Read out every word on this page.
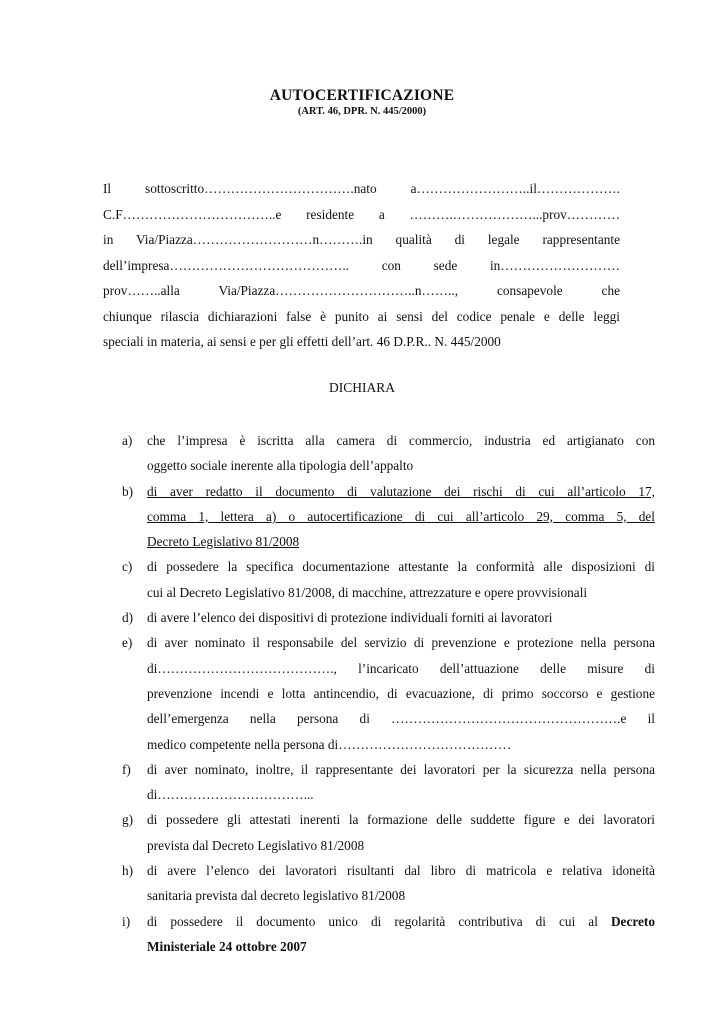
AUTOCERTIFICAZIONE
(ART. 46, DPR. N. 445/2000)
Il sottoscritto…………………………….nato a……………………..il……………….
C.F……………………………..e residente a ……….………………...prov…………
in Via/Piazza………………………n……….in qualità di legale rappresentante
dell’impresa………………………………….. con sede in………………………
prov……..alla Via/Piazza…………………………..n…….., consapevole che
chiunque rilascia dichiarazioni false è punito ai sensi del codice penale e delle leggi
speciali in materia, ai sensi e per gli effetti dell’art. 46 D.P.R.. N. 445/2000
DICHIARA
a)	che l’impresa è iscritta alla camera di commercio, industria ed artigianato con
oggetto sociale inerente alla tipologia dell’appalto
b)	di aver redatto il documento di valutazione dei rischi di cui all’articolo 17,
comma 1, lettera a) o autocertificazione di cui all’articolo 29, comma 5, del
Decreto Legislativo 81/2008
c)	di possedere la specifica documentazione attestante la conformità alle disposizioni di
cui al Decreto Legislativo 81/2008, di macchine, attrezzature e opere provvisionali
d)	di avere l’elenco dei dispositivi di protezione individuali forniti ai lavoratori
e)	di aver nominato il responsabile del servizio di prevenzione e protezione nella persona
di…………………………………., l’incaricato dell’attuazione delle misure di
prevenzione incendi e lotta antincendio, di evacuazione, di primo soccorso e gestione
dell’emergenza nella persona di …………………………………………….e il
medico competente nella persona di…………………………………
f)	di aver nominato, inoltre, il rappresentante dei lavoratori per la sicurezza nella persona
di……………………………...
g)	di possedere gli attestati inerenti la formazione delle suddette figure e dei lavoratori
prevista dal Decreto Legislativo 81/2008
h)	di avere l’elenco dei lavoratori risultanti dal libro di matricola e relativa idoneità
sanitaria prevista dal decreto legislativo 81/2008
i)	di possedere il documento unico di regolarità contributiva di cui al Decreto
Ministeriale 24 ottobre 2007
